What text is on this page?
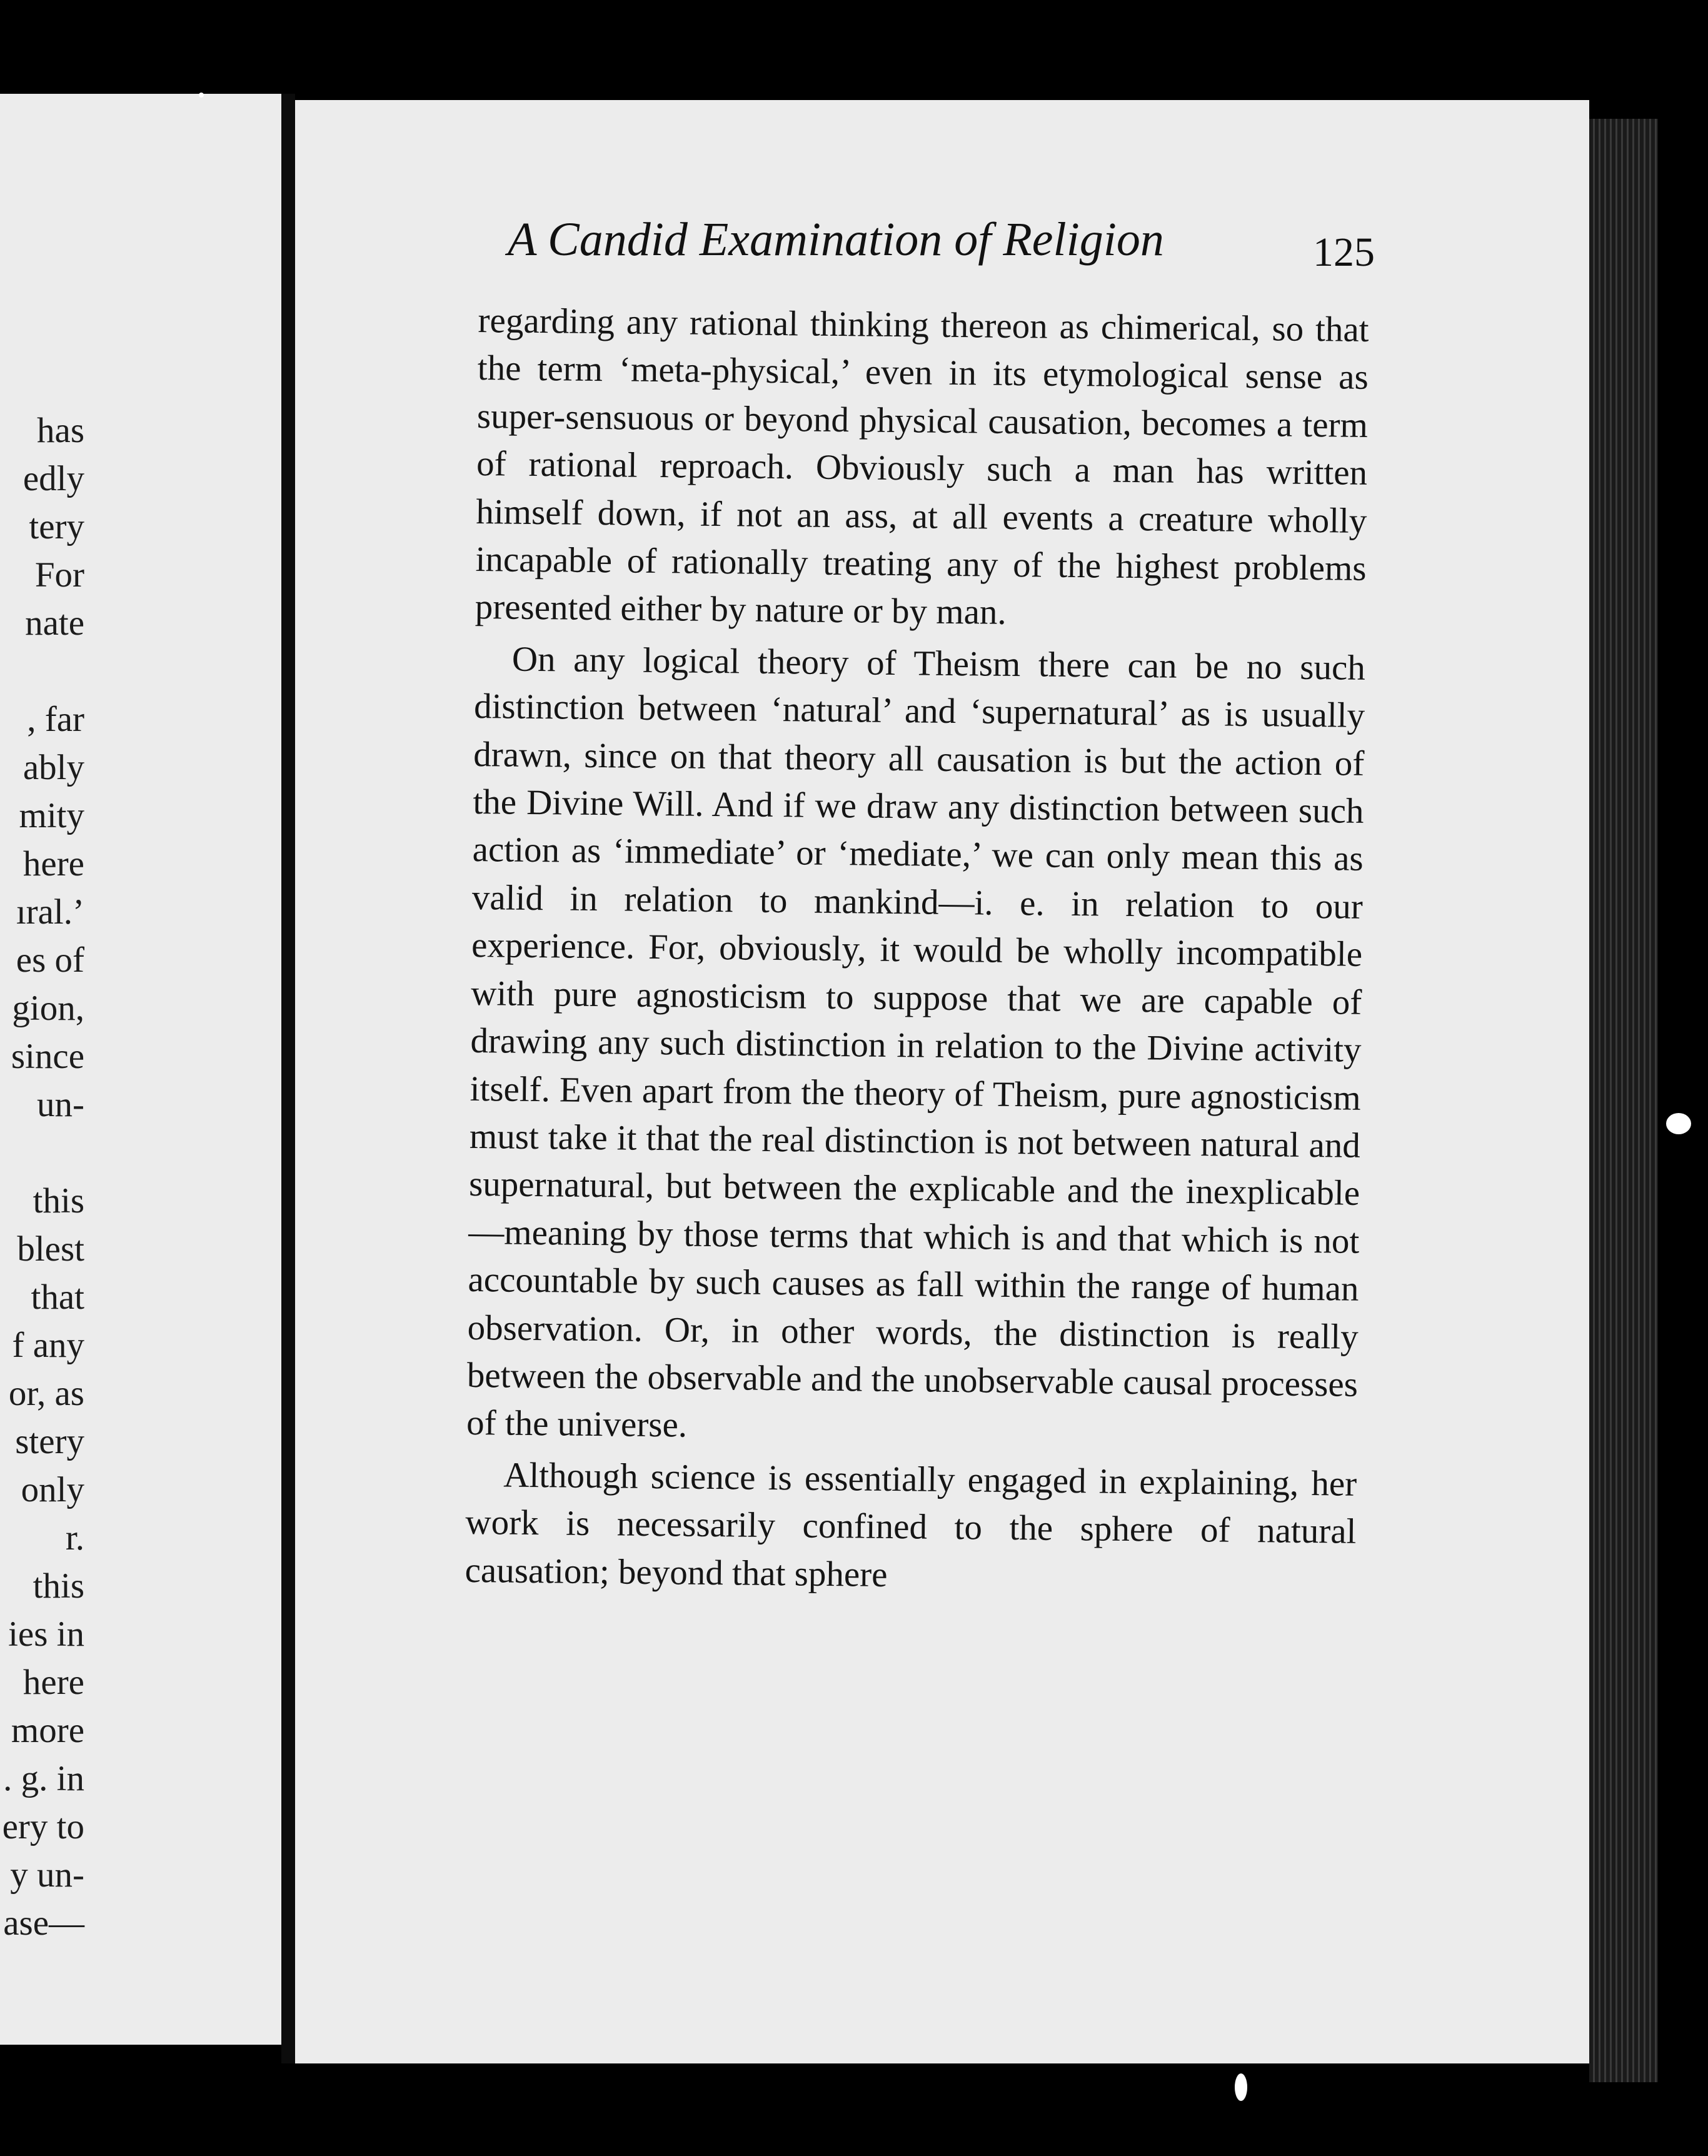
has
edly
tery
For
nate
, far
ably
mity
here
ıral.’
es of
gion,
since
un-
this
blest
that
f any
or, as
stery
only
r.
this
ies in
here
more
. g. in
ery to
y un-
ase—
A Candid Examination of Religion	125

regarding any rational thinking thereon as chimerical, so that the term ‘meta-physical,’ even in its etymological sense as super-sensuous or beyond physical causation, becomes a term of rational reproach. Obviously such a man has written himself down, if not an ass, at all events a creature wholly incapable of rationally treating any of the highest problems presented either by nature or by man.

On any logical theory of Theism there can be no such distinction between ‘natural’ and ‘supernatural’ as is usually drawn, since on that theory all causation is but the action of the Divine Will. And if we draw any distinction between such action as ‘immediate’ or ‘mediate,’ we can only mean this as valid in relation to mankind—i. e. in relation to our experience. For, obviously, it would be wholly incompatible with pure agnosticism to suppose that we are capable of drawing any such distinction in relation to the Divine activity itself. Even apart from the theory of Theism, pure agnosticism must take it that the real distinction is not between natural and supernatural, but between the explicable and the inexplicable—meaning by those terms that which is and that which is not accountable by such causes as fall within the range of human observation. Or, in other words, the distinction is really between the observable and the unobservable causal processes of the universe.

Although science is essentially engaged in explaining, her work is necessarily confined to the sphere of natural causation; beyond that sphere
